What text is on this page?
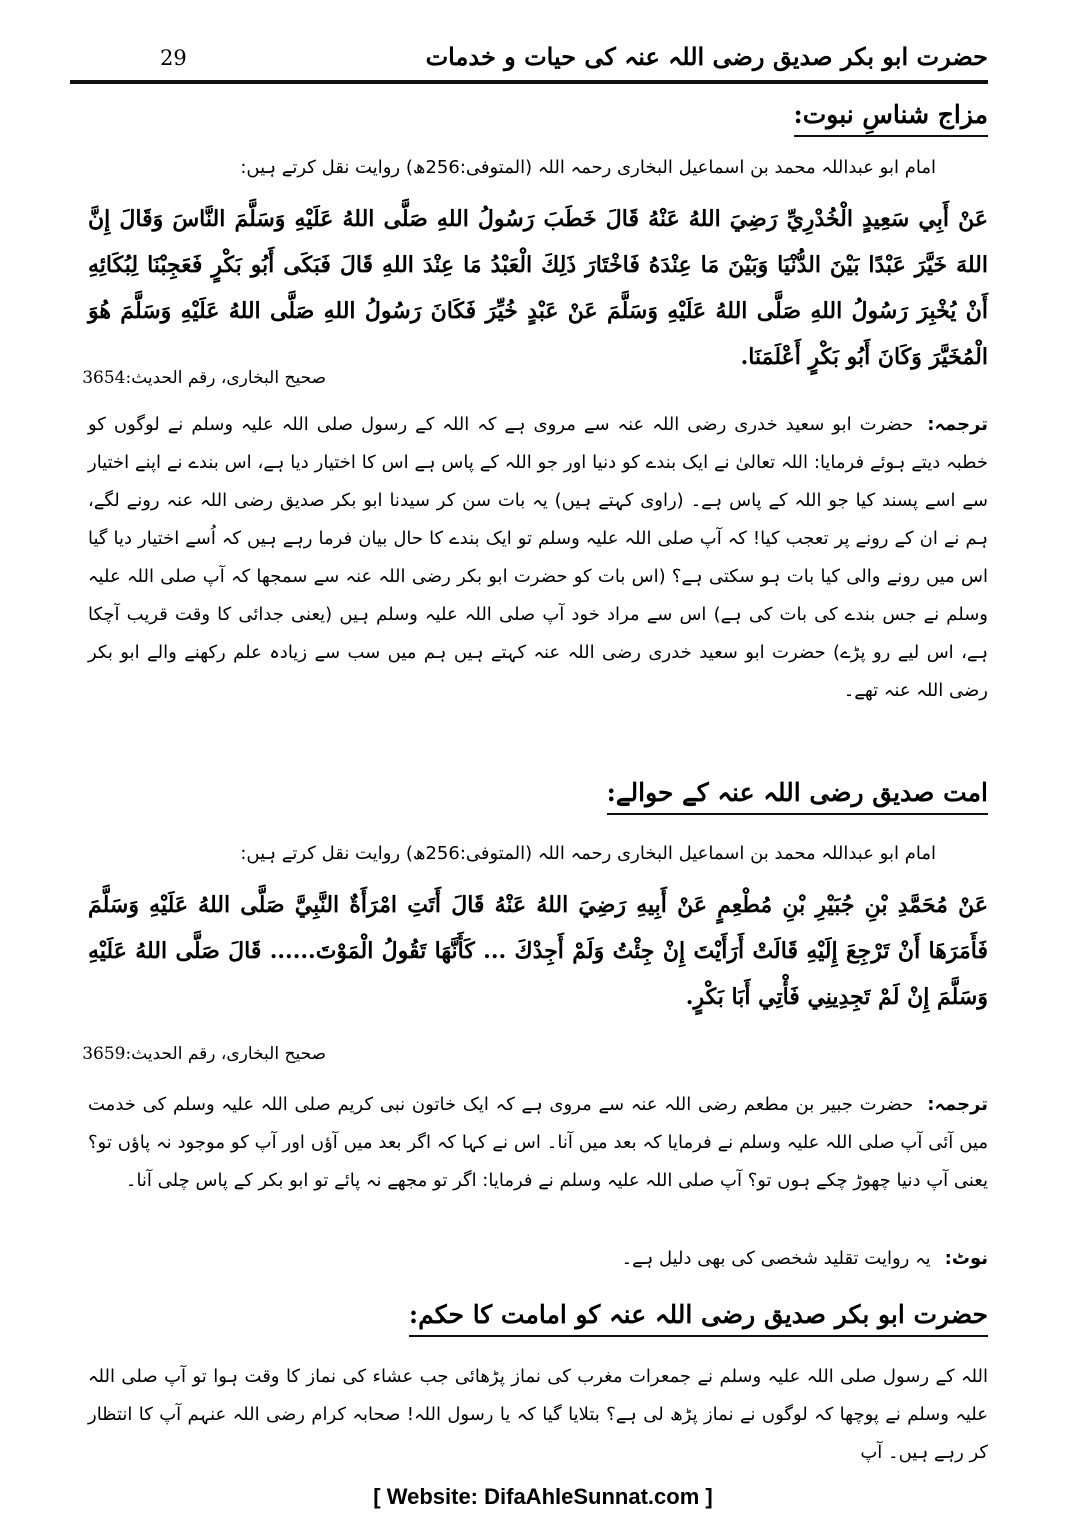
حضرت ابو بکر صدیق رضی اللہ عنہ کی حیات و خدمات
29
مزاج شناسِ نبوت:
امام ابو عبداللہ محمد بن اسماعیل البخاری رحمہ اللہ (المتوفی:256ھ) روایت نقل کرتے ہیں:
عَنْ أَبِي سَعِيدٍ الْخُدْرِيِّ رَضِيَ اللهُ عَنْهُ قَالَ خَطَبَ رَسُولُ اللهِ صَلَّى اللهُ عَلَيْهِ وَسَلَّمَ النَّاسَ وَقَالَ إِنَّ اللهَ خَيَّرَ عَبْدًا بَيْنَ الدُّنْيَا وَبَيْنَ مَا عِنْدَهُ فَاخْتَارَ ذَلِكَ الْعَبْدُ مَا عِنْدَ اللهِ قَالَ فَبَكَى أَبُو بَكْرٍ فَعَجِبْنَا لِبُكَائِهِ أَنْ يُخْبِرَ رَسُولُ اللهِ صَلَّى اللهُ عَلَيْهِ وَسَلَّمَ عَنْ عَبْدٍ خُيِّرَ فَكَانَ رَسُولُ اللهِ صَلَّى اللهُ عَلَيْهِ وَسَلَّمَ هُوَ الْمُخَيَّرَ وَكَانَ أَبُو بَكْرٍ أَعْلَمَنَا.
صحیح البخاری، رقم الحدیث:3654
ترجمہ:حضرت ابو سعید خدری رضی اللہ عنہ سے مروی ہے کہ اللہ کے رسول صلی اللہ علیہ وسلم نے لوگوں کو خطبہ دیتے ہوئے فرمایا: اللہ تعالیٰ نے ایک بندے کو دنیا اور جو اللہ کے پاس ہے اس کا اختیار دیا ہے، اس بندے نے اپنے اختیار سے اسے پسند کیا جو اللہ کے پاس ہے۔ (راوی کہتے ہیں) یہ بات سن کر سیدنا ابو بکر صدیق رضی اللہ عنہ رونے لگے، ہم نے ان کے رونے پر تعجب کیا! کہ آپ صلی اللہ علیہ وسلم تو ایک بندے کا حال بیان فرما رہے ہیں کہ اُسے اختیار دیا گیا اس میں رونے والی کیا بات ہو سکتی ہے؟ (اس بات کو حضرت ابو بکر رضی اللہ عنہ سے سمجھا کہ آپ صلی اللہ علیہ وسلم نے جس بندے کی بات کی ہے) اس سے مراد خود آپ صلی اللہ علیہ وسلم ہیں (یعنی جدائی کا وقت قریب آچکا ہے، اس لیے رو پڑے) حضرت ابو سعید خدری رضی اللہ عنہ کہتے ہیں ہم میں سب سے زیادہ علم رکھنے والے ابو بکر رضی اللہ عنہ تھے۔
امت صدیق رضی اللہ عنہ کے حوالے:
امام ابو عبداللہ محمد بن اسماعیل البخاری رحمہ اللہ (المتوفی:256ھ) روایت نقل کرتے ہیں:
عَنْ مُحَمَّدِ بْنِ جُبَيْرِ بْنِ مُطْعِمٍ عَنْ أَبِيهِ رَضِيَ اللهُ عَنْهُ قَالَ أَتَتِ امْرَأَةٌ النَّبِيَّ صَلَّى اللهُ عَلَيْهِ وَسَلَّمَ فَأَمَرَهَا أَنْ تَرْجِعَ إِلَيْهِ قَالَتْ أَرَأَيْتَ إِنْ جِئْتُ وَلَمْ أَجِدْكَ ... كَأَنَّهَا تَقُولُ الْمَوْتَ...... قَالَ صَلَّى اللهُ عَلَيْهِ وَسَلَّمَ إِنْ لَمْ تَجِدِينِي فَأْتِي أَبَا بَكْرٍ.
صحیح البخاری، رقم الحدیث:3659
ترجمہ:حضرت جبیر بن مطعم رضی اللہ عنہ سے مروی ہے کہ ایک خاتون نبی کریم صلی اللہ علیہ وسلم کی خدمت میں آئی آپ صلی اللہ علیہ وسلم نے فرمایا کہ بعد میں آنا۔ اس نے کہا کہ اگر بعد میں آؤں اور آپ کو موجود نہ پاؤں تو؟ یعنی آپ دنیا چھوڑ چکے ہوں تو؟ آپ صلی اللہ علیہ وسلم نے فرمایا: اگر تو مجھے نہ پائے تو ابو بکر کے پاس چلی آنا۔
نوٹ:یہ روایت تقلید شخصی کی بھی دلیل ہے۔
حضرت ابو بکر صدیق رضی اللہ عنہ کو امامت کا حکم:
اللہ کے رسول صلی اللہ علیہ وسلم نے جمعرات مغرب کی نماز پڑھائی جب عشاء کی نماز کا وقت ہوا تو آپ صلی اللہ علیہ وسلم نے پوچھا کہ لوگوں نے نماز پڑھ لی ہے؟ بتلایا گیا کہ یا رسول اللہ! صحابہ کرام رضی اللہ عنہم آپ کا انتظار کر رہے ہیں۔ آپ
[ Website: DifaAhleSunnat.com ]
